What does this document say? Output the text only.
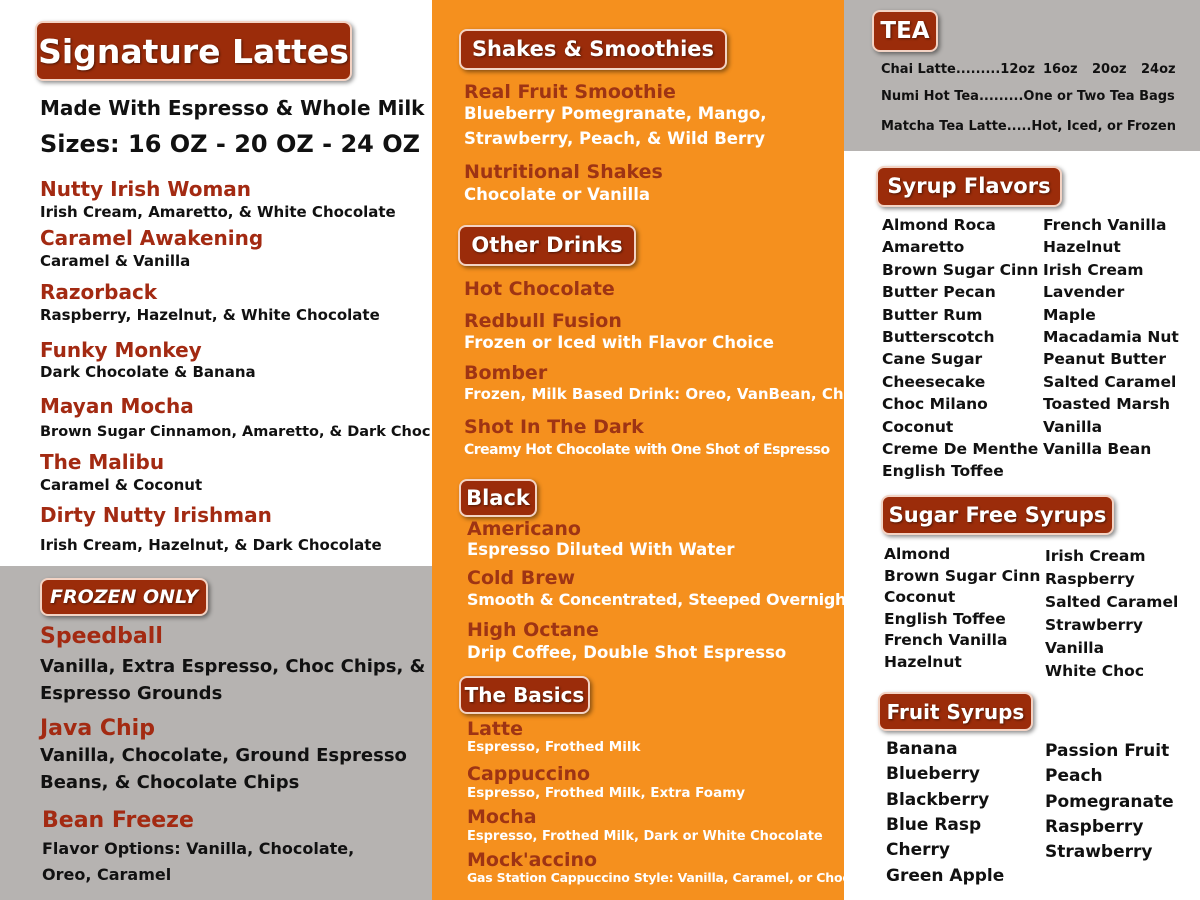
Signature Lattes
Made With Espresso & Whole Milk
Sizes: 16 OZ - 20 OZ - 24 OZ
Nutty Irish Woman
Irish Cream, Amaretto, & White Chocolate
Caramel Awakening
Caramel & Vanilla
Razorback
Raspberry, Hazelnut, & White Chocolate
Funky Monkey
Dark Chocolate & Banana
Mayan Mocha
Brown Sugar Cinnamon, Amaretto, & Dark Choc
The Malibu
Caramel & Coconut
Dirty Nutty Irishman
Irish Cream, Hazelnut, & Dark Chocolate
FROZEN ONLY
Speedball
Vanilla, Extra Espresso, Choc Chips, &
Espresso Grounds
Java Chip
Vanilla, Chocolate, Ground Espresso
Beans, & Chocolate Chips
Bean Freeze
Flavor Options: Vanilla, Chocolate,
Oreo, Caramel
Shakes & Smoothies
Real Fruit Smoothie
Blueberry Pomegranate, Mango,
Strawberry, Peach, & Wild Berry
Nutritional Shakes
Chocolate or Vanilla
Other Drinks
Hot Chocolate
Redbull Fusion
Frozen or Iced with Flavor Choice
Bomber
Frozen, Milk Based Drink: Oreo, VanBean, Choc
Shot In The Dark
Creamy Hot Chocolate with One Shot of Espresso
Black
Americano
Espresso Diluted With Water
Cold Brew
Smooth & Concentrated, Steeped Overnight
High Octane
Drip Coffee, Double Shot Espresso
The Basics
Latte
Espresso, Frothed Milk
Cappuccino
Espresso, Frothed Milk, Extra Foamy
Mocha
Espresso, Frothed Milk, Dark or White Chocolate
Mock'accino
Gas Station Cappuccino Style: Vanilla, Caramel, or Choc
TEA
Chai Latte.........12oz 16oz 20oz 24oz
Numi Hot Tea.........One or Two Tea Bags
Matcha Tea Latte.....Hot, Iced, or Frozen
Syrup Flavors
Almond Roca
Amaretto
Brown Sugar Cinn
Butter Pecan
Butter Rum
Butterscotch
Cane Sugar
Cheesecake
Choc Milano
Coconut
Creme De Menthe
English Toffee
French Vanilla
Hazelnut
Irish Cream
Lavender
Maple
Macadamia Nut
Peanut Butter
Salted Caramel
Toasted Marsh
Vanilla
Vanilla Bean
Sugar Free Syrups
Almond
Brown Sugar Cinn
Coconut
English Toffee
French Vanilla
Hazelnut
Irish Cream
Raspberry
Salted Caramel
Strawberry
Vanilla
White Choc
Fruit Syrups
Banana
Blueberry
Blackberry
Blue Rasp
Cherry
Green Apple
Passion Fruit
Peach
Pomegranate
Raspberry
Strawberry
